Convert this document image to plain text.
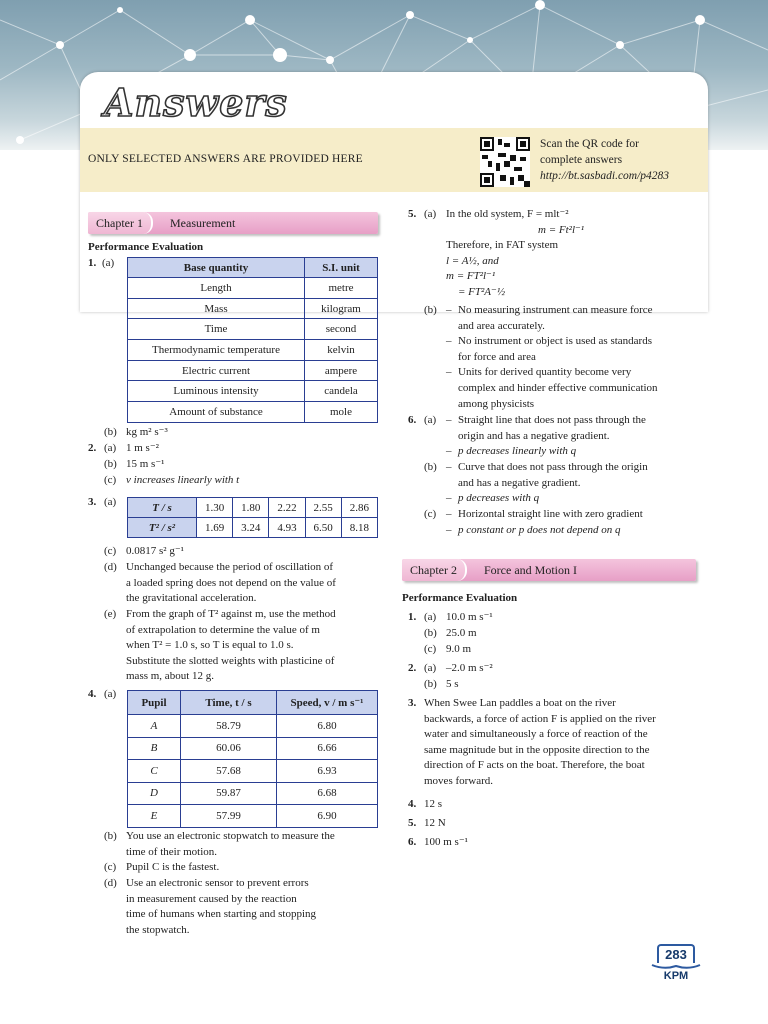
Answers
ONLY SELECTED ANSWERS ARE PROVIDED HERE
Scan the QR code for
complete answers
http://bt.sasbadi.com/p4283
Chapter 1	Measurement
Performance Evaluation
1. (a)	Base quantity	S.I. unit
Length	metre
Mass	kilogram
Time	second
Thermodynamic temperature	kelvin
Electric current	ampere
Luminous intensity	candela
Amount of substance	mole
(b) kg m² s⁻³
2. (a) 1 m s⁻²
(b) 15 m s⁻¹
(c) v increases linearly with t
3. (a)	T / s	1.30	1.80	2.22	2.55	2.86
T² / s²	1.69	3.24	4.93	6.50	8.18
(c) 0.0817 s² g⁻¹
(d) Unchanged because the period of oscillation of
a loaded spring does not depend on the value of
the gravitational acceleration.
(e) From the graph of T² against m, use the method
of extrapolation to determine the value of m
when T² = 1.0 s, so T is equal to 1.0 s.
Substitute the slotted weights with plasticine of
mass m, about 12 g.
4. (a)
Pupil	Time, t / s	Speed, v / m s⁻¹
A	58.79	6.80
B	60.06	6.66
C	57.68	6.93
D	59.87	6.68
E	57.99	6.90
(b) You use an electronic stopwatch to measure the
time of their motion.
(c) Pupil C is the fastest.
(d) Use an electronic sensor to prevent errors
in measurement caused by the reaction
time of humans when starting and stopping
the stopwatch.
5. (a) In the old system, F = mlt⁻²
m = Ft²l⁻¹
Therefore, in FAT system
l = A½, and
m = FT²l⁻¹
= FT²A⁻½
(b) – No measuring instrument can measure force
and area accurately.
– No instrument or object is used as standards
for force and area
– Units for derived quantity become very
complex and hinder effective communication
among physicists
6. (a) – Straight line that does not pass through the
origin and has a negative gradient.
– p decreases linearly with q
(b) – Curve that does not pass through the origin
and has a negative gradient.
– p decreases with q
(c) – Horizontal straight line with zero gradient
– p constant or p does not depend on q
Chapter 2	Force and Motion I
Performance Evaluation
1. (a) 10.0 m s⁻¹
(b) 25.0 m
(c) 9.0 m
2. (a) –2.0 m s⁻²
(b) 5 s
3. When Swee Lan paddles a boat on the river
backwards, a force of action F is applied on the river
water and simultaneously a force of reaction of the
same magnitude but in the opposite direction to the
direction of F acts on the boat. Therefore, the boat
moves forward.
4. 12 s
5. 12 N
6. 100 m s⁻¹
283
KPM
